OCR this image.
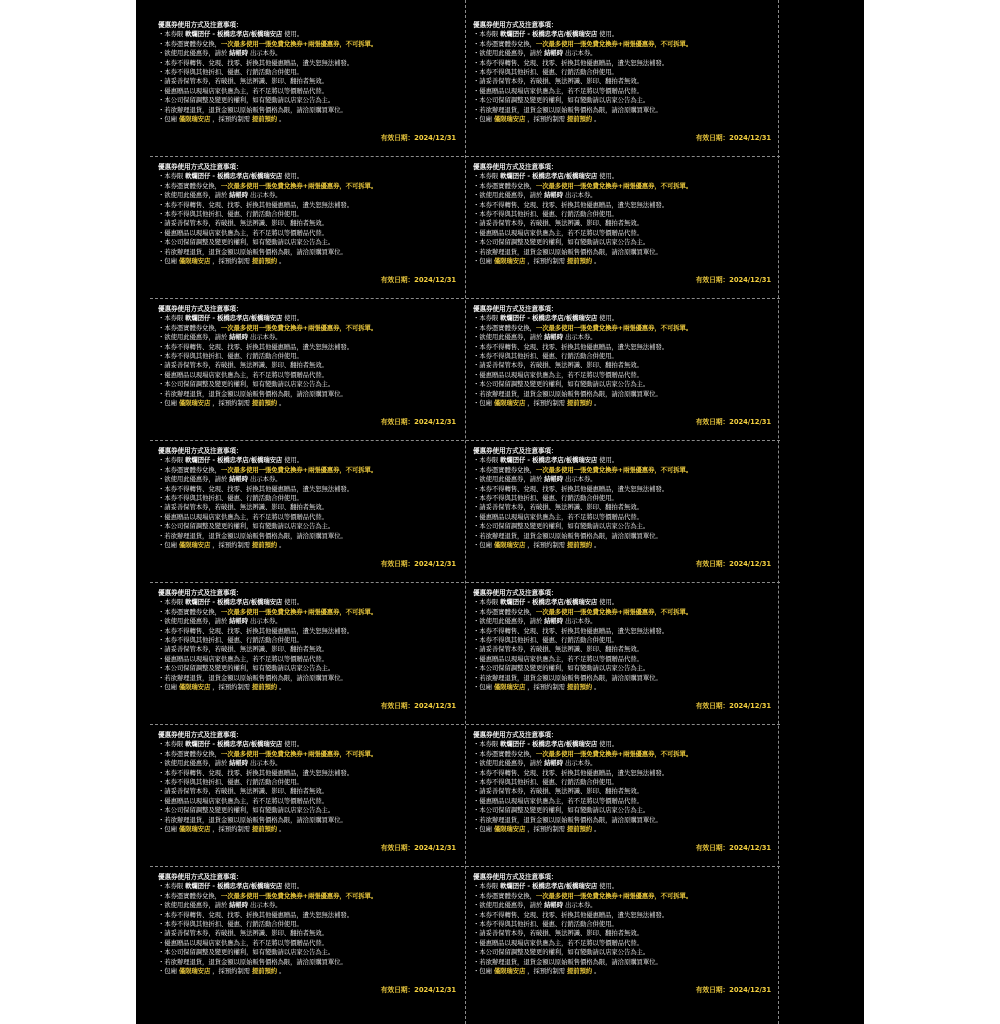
優惠券使用方式及注意事項：
・本券限 軟爛囝仔 - 板橋忠孝店/板橋瑞安店 使用。
・本券憑實體券兌換，一次最多使用一張免費兌換券+兩張優惠券，不可拆單。
・欲使用此優惠券，請於 結帳時 出示本券。
・本券不得轉售、兌現、找零、折換其他優惠贈品，遺失恕無法補發。
・本券不得與其他折扣、優惠、行銷活動合併使用。
・請妥善保管本券，若破損、無法辨識、影印、翻拍者無效。
・優惠贈品以現場店家供應為主，若不足將以等價贈品代替。
・本公司保留調整及變更的權利，如有變動請以店家公告為主。
・若欲辦理退貨，退貨金額以原始販售價格為限，請洽原購買單位。
・包廂 僅限瑞安店 ，採預約制需 提前預約 。
有效日期：2024/12/31
優惠券使用方式及注意事項：
・本券限 軟爛囝仔 - 板橋忠孝店/板橋瑞安店 使用。
・本券憑實體券兌換，一次最多使用一張免費兌換券+兩張優惠券，不可拆單。
・欲使用此優惠券，請於 結帳時 出示本券。
・本券不得轉售、兌現、找零、折換其他優惠贈品，遺失恕無法補發。
・本券不得與其他折扣、優惠、行銷活動合併使用。
・請妥善保管本券，若破損、無法辨識、影印、翻拍者無效。
・優惠贈品以現場店家供應為主，若不足將以等價贈品代替。
・本公司保留調整及變更的權利，如有變動請以店家公告為主。
・若欲辦理退貨，退貨金額以原始販售價格為限，請洽原購買單位。
・包廂 僅限瑞安店 ，採預約制需 提前預約 。
有效日期：2024/12/31
優惠券使用方式及注意事項：
・本券限 軟爛囝仔 - 板橋忠孝店/板橋瑞安店 使用。
・本券憑實體券兌換，一次最多使用一張免費兌換券+兩張優惠券，不可拆單。
・欲使用此優惠券，請於 結帳時 出示本券。
・本券不得轉售、兌現、找零、折換其他優惠贈品，遺失恕無法補發。
・本券不得與其他折扣、優惠、行銷活動合併使用。
・請妥善保管本券，若破損、無法辨識、影印、翻拍者無效。
・優惠贈品以現場店家供應為主，若不足將以等價贈品代替。
・本公司保留調整及變更的權利，如有變動請以店家公告為主。
・若欲辦理退貨，退貨金額以原始販售價格為限，請洽原購買單位。
・包廂 僅限瑞安店 ，採預約制需 提前預約 。
有效日期：2024/12/31
優惠券使用方式及注意事項：
・本券限 軟爛囝仔 - 板橋忠孝店/板橋瑞安店 使用。
・本券憑實體券兌換，一次最多使用一張免費兌換券+兩張優惠券，不可拆單。
・欲使用此優惠券，請於 結帳時 出示本券。
・本券不得轉售、兌現、找零、折換其他優惠贈品，遺失恕無法補發。
・本券不得與其他折扣、優惠、行銷活動合併使用。
・請妥善保管本券，若破損、無法辨識、影印、翻拍者無效。
・優惠贈品以現場店家供應為主，若不足將以等價贈品代替。
・本公司保留調整及變更的權利，如有變動請以店家公告為主。
・若欲辦理退貨，退貨金額以原始販售價格為限，請洽原購買單位。
・包廂 僅限瑞安店 ，採預約制需 提前預約 。
有效日期：2024/12/31
優惠券使用方式及注意事項：
・本券限 軟爛囝仔 - 板橋忠孝店/板橋瑞安店 使用。
・本券憑實體券兌換，一次最多使用一張免費兌換券+兩張優惠券，不可拆單。
・欲使用此優惠券，請於 結帳時 出示本券。
・本券不得轉售、兌現、找零、折換其他優惠贈品，遺失恕無法補發。
・本券不得與其他折扣、優惠、行銷活動合併使用。
・請妥善保管本券，若破損、無法辨識、影印、翻拍者無效。
・優惠贈品以現場店家供應為主，若不足將以等價贈品代替。
・本公司保留調整及變更的權利，如有變動請以店家公告為主。
・若欲辦理退貨，退貨金額以原始販售價格為限，請洽原購買單位。
・包廂 僅限瑞安店 ，採預約制需 提前預約 。
有效日期：2024/12/31
優惠券使用方式及注意事項：
・本券限 軟爛囝仔 - 板橋忠孝店/板橋瑞安店 使用。
・本券憑實體券兌換，一次最多使用一張免費兌換券+兩張優惠券，不可拆單。
・欲使用此優惠券，請於 結帳時 出示本券。
・本券不得轉售、兌現、找零、折換其他優惠贈品，遺失恕無法補發。
・本券不得與其他折扣、優惠、行銷活動合併使用。
・請妥善保管本券，若破損、無法辨識、影印、翻拍者無效。
・優惠贈品以現場店家供應為主，若不足將以等價贈品代替。
・本公司保留調整及變更的權利，如有變動請以店家公告為主。
・若欲辦理退貨，退貨金額以原始販售價格為限，請洽原購買單位。
・包廂 僅限瑞安店 ，採預約制需 提前預約 。
有效日期：2024/12/31
優惠券使用方式及注意事項：
・本券限 軟爛囝仔 - 板橋忠孝店/板橋瑞安店 使用。
・本券憑實體券兌換，一次最多使用一張免費兌換券+兩張優惠券，不可拆單。
・欲使用此優惠券，請於 結帳時 出示本券。
・本券不得轉售、兌現、找零、折換其他優惠贈品，遺失恕無法補發。
・本券不得與其他折扣、優惠、行銷活動合併使用。
・請妥善保管本券，若破損、無法辨識、影印、翻拍者無效。
・優惠贈品以現場店家供應為主，若不足將以等價贈品代替。
・本公司保留調整及變更的權利，如有變動請以店家公告為主。
・若欲辦理退貨，退貨金額以原始販售價格為限，請洽原購買單位。
・包廂 僅限瑞安店 ，採預約制需 提前預約 。
有效日期：2024/12/31
優惠券使用方式及注意事項：
・本券限 軟爛囝仔 - 板橋忠孝店/板橋瑞安店 使用。
・本券憑實體券兌換，一次最多使用一張免費兌換券+兩張優惠券，不可拆單。
・欲使用此優惠券，請於 結帳時 出示本券。
・本券不得轉售、兌現、找零、折換其他優惠贈品，遺失恕無法補發。
・本券不得與其他折扣、優惠、行銷活動合併使用。
・請妥善保管本券，若破損、無法辨識、影印、翻拍者無效。
・優惠贈品以現場店家供應為主，若不足將以等價贈品代替。
・本公司保留調整及變更的權利，如有變動請以店家公告為主。
・若欲辦理退貨，退貨金額以原始販售價格為限，請洽原購買單位。
・包廂 僅限瑞安店 ，採預約制需 提前預約 。
有效日期：2024/12/31
優惠券使用方式及注意事項：
・本券限 軟爛囝仔 - 板橋忠孝店/板橋瑞安店 使用。
・本券憑實體券兌換，一次最多使用一張免費兌換券+兩張優惠券，不可拆單。
・欲使用此優惠券，請於 結帳時 出示本券。
・本券不得轉售、兌現、找零、折換其他優惠贈品，遺失恕無法補發。
・本券不得與其他折扣、優惠、行銷活動合併使用。
・請妥善保管本券，若破損、無法辨識、影印、翻拍者無效。
・優惠贈品以現場店家供應為主，若不足將以等價贈品代替。
・本公司保留調整及變更的權利，如有變動請以店家公告為主。
・若欲辦理退貨，退貨金額以原始販售價格為限，請洽原購買單位。
・包廂 僅限瑞安店 ，採預約制需 提前預約 。
有效日期：2024/12/31
優惠券使用方式及注意事項：
・本券限 軟爛囝仔 - 板橋忠孝店/板橋瑞安店 使用。
・本券憑實體券兌換，一次最多使用一張免費兌換券+兩張優惠券，不可拆單。
・欲使用此優惠券，請於 結帳時 出示本券。
・本券不得轉售、兌現、找零、折換其他優惠贈品，遺失恕無法補發。
・本券不得與其他折扣、優惠、行銷活動合併使用。
・請妥善保管本券，若破損、無法辨識、影印、翻拍者無效。
・優惠贈品以現場店家供應為主，若不足將以等價贈品代替。
・本公司保留調整及變更的權利，如有變動請以店家公告為主。
・若欲辦理退貨，退貨金額以原始販售價格為限，請洽原購買單位。
・包廂 僅限瑞安店 ，採預約制需 提前預約 。
有效日期：2024/12/31
優惠券使用方式及注意事項：
・本券限 軟爛囝仔 - 板橋忠孝店/板橋瑞安店 使用。
・本券憑實體券兌換，一次最多使用一張免費兌換券+兩張優惠券，不可拆單。
・欲使用此優惠券，請於 結帳時 出示本券。
・本券不得轉售、兌現、找零、折換其他優惠贈品，遺失恕無法補發。
・本券不得與其他折扣、優惠、行銷活動合併使用。
・請妥善保管本券，若破損、無法辨識、影印、翻拍者無效。
・優惠贈品以現場店家供應為主，若不足將以等價贈品代替。
・本公司保留調整及變更的權利，如有變動請以店家公告為主。
・若欲辦理退貨，退貨金額以原始販售價格為限，請洽原購買單位。
・包廂 僅限瑞安店 ，採預約制需 提前預約 。
有效日期：2024/12/31
優惠券使用方式及注意事項：
・本券限 軟爛囝仔 - 板橋忠孝店/板橋瑞安店 使用。
・本券憑實體券兌換，一次最多使用一張免費兌換券+兩張優惠券，不可拆單。
・欲使用此優惠券，請於 結帳時 出示本券。
・本券不得轉售、兌現、找零、折換其他優惠贈品，遺失恕無法補發。
・本券不得與其他折扣、優惠、行銷活動合併使用。
・請妥善保管本券，若破損、無法辨識、影印、翻拍者無效。
・優惠贈品以現場店家供應為主，若不足將以等價贈品代替。
・本公司保留調整及變更的權利，如有變動請以店家公告為主。
・若欲辦理退貨，退貨金額以原始販售價格為限，請洽原購買單位。
・包廂 僅限瑞安店 ，採預約制需 提前預約 。
有效日期：2024/12/31
優惠券使用方式及注意事項：
・本券限 軟爛囝仔 - 板橋忠孝店/板橋瑞安店 使用。
・本券憑實體券兌換，一次最多使用一張免費兌換券+兩張優惠券，不可拆單。
・欲使用此優惠券，請於 結帳時 出示本券。
・本券不得轉售、兌現、找零、折換其他優惠贈品，遺失恕無法補發。
・本券不得與其他折扣、優惠、行銷活動合併使用。
・請妥善保管本券，若破損、無法辨識、影印、翻拍者無效。
・優惠贈品以現場店家供應為主，若不足將以等價贈品代替。
・本公司保留調整及變更的權利，如有變動請以店家公告為主。
・若欲辦理退貨，退貨金額以原始販售價格為限，請洽原購買單位。
・包廂 僅限瑞安店 ，採預約制需 提前預約 。
有效日期：2024/12/31
優惠券使用方式及注意事項：
・本券限 軟爛囝仔 - 板橋忠孝店/板橋瑞安店 使用。
・本券憑實體券兌換，一次最多使用一張免費兌換券+兩張優惠券，不可拆單。
・欲使用此優惠券，請於 結帳時 出示本券。
・本券不得轉售、兌現、找零、折換其他優惠贈品，遺失恕無法補發。
・本券不得與其他折扣、優惠、行銷活動合併使用。
・請妥善保管本券，若破損、無法辨識、影印、翻拍者無效。
・優惠贈品以現場店家供應為主，若不足將以等價贈品代替。
・本公司保留調整及變更的權利，如有變動請以店家公告為主。
・若欲辦理退貨，退貨金額以原始販售價格為限，請洽原購買單位。
・包廂 僅限瑞安店 ，採預約制需 提前預約 。
有效日期：2024/12/31
